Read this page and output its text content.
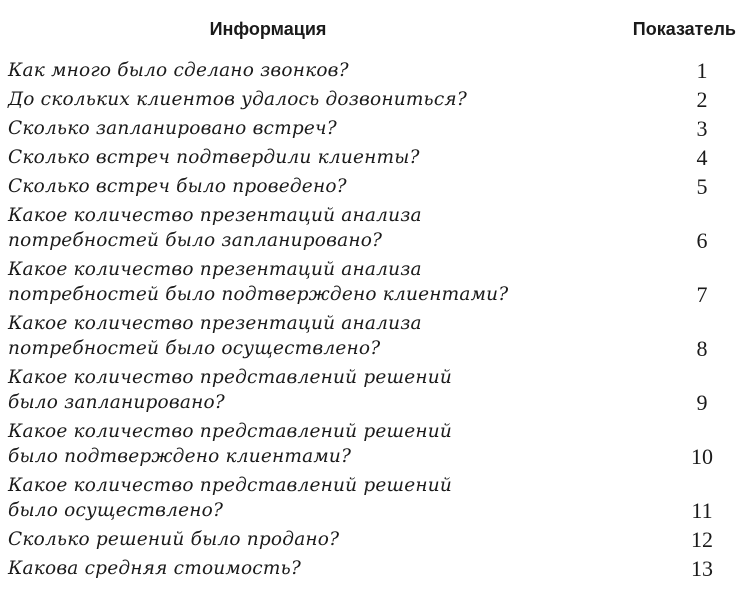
Информация	Показатель

Как много было сделано звонков?	1

До скольких клиентов удалось дозвониться?	2

Сколько запланировано встреч?	3

Сколько встреч подтвердили клиенты?	4

Сколько встреч было проведено?	5

Какое количество презентаций анализа
потребностей было запланировано?	6

Какое количество презентаций анализа
потребностей было подтверждено клиентами?	7

Какое количество презентаций анализа
потребностей было осуществлено?	8

Какое количество представлений решений
было запланировано?	9

Какое количество представлений решений
было подтверждено клиентами?	10

Какое количество представлений решений
было осуществлено?	11

Сколько решений было продано?	12

Какова средняя стоимость?	13
